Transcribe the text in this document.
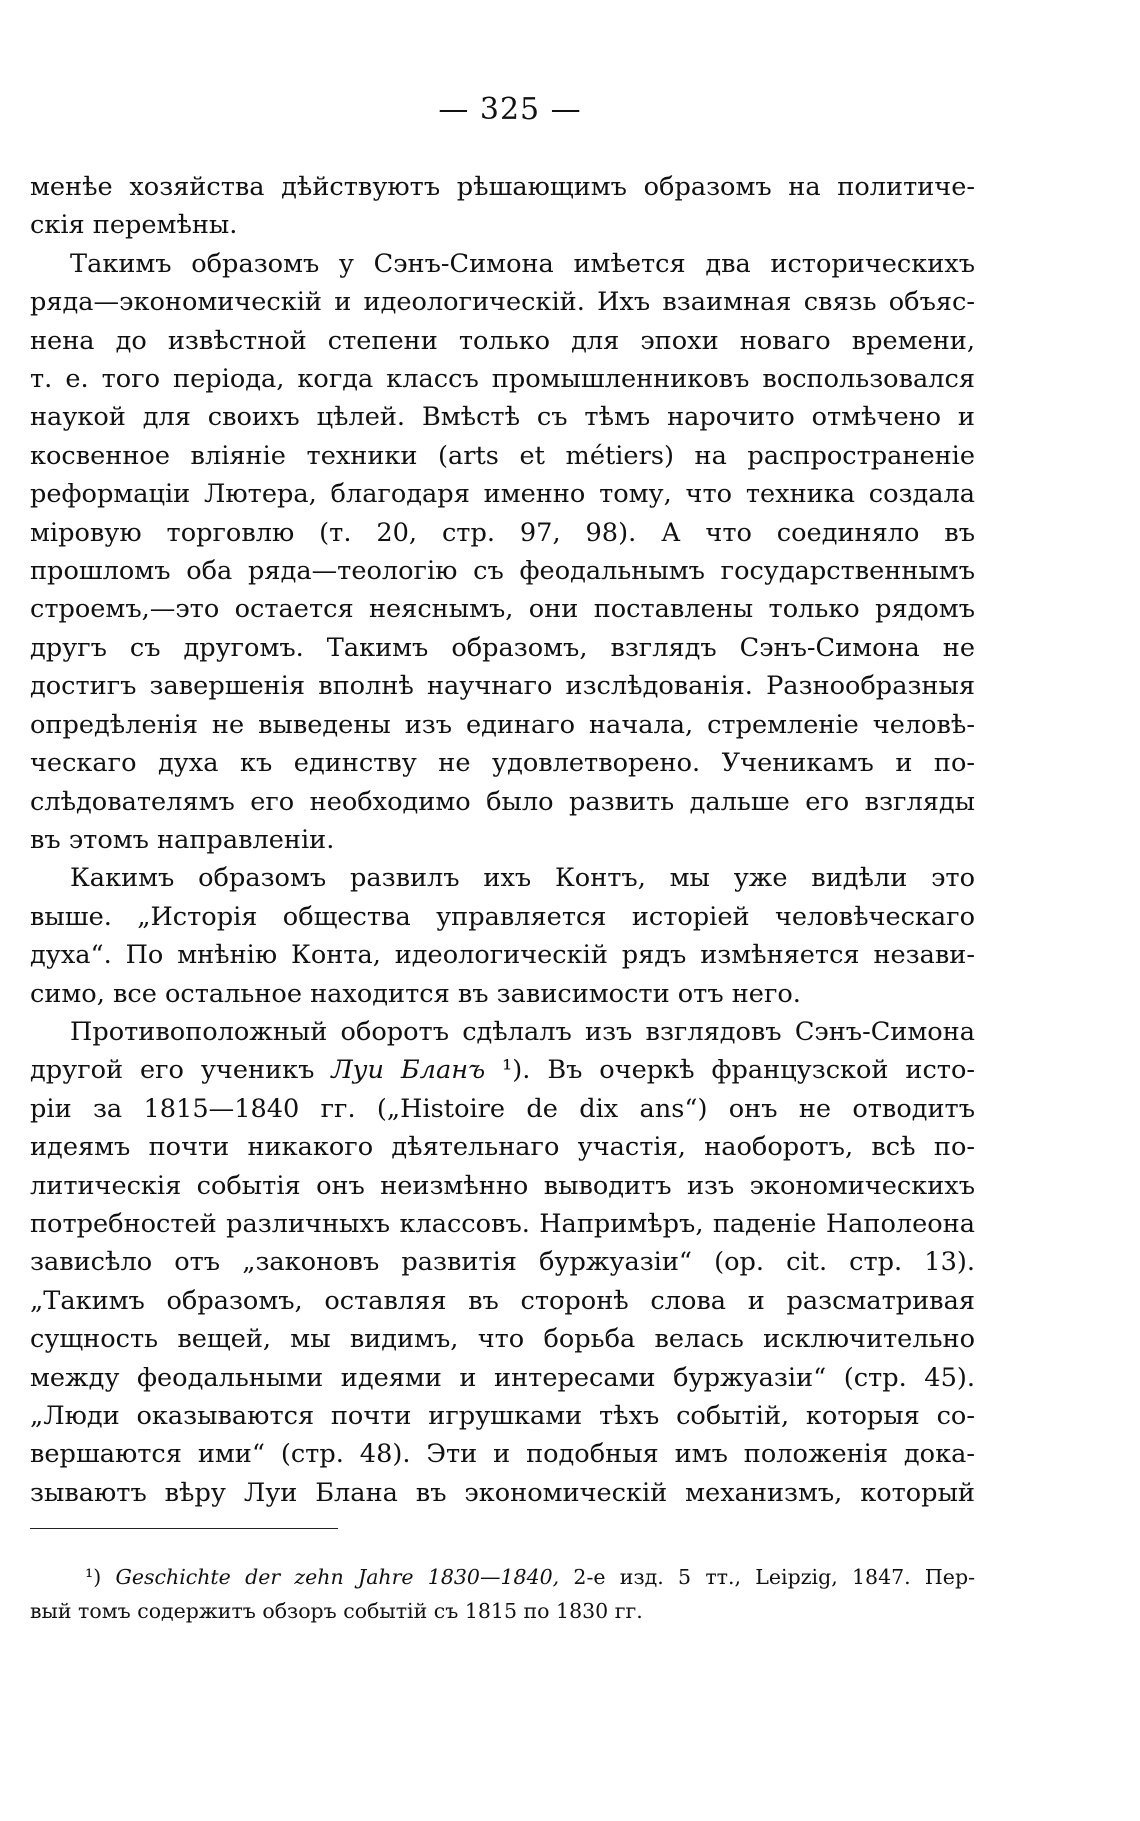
— 325 —
менѣе хозяйства дѣйствуютъ рѣшающимъ образомъ на политиче-
скія перемѣны.
Такимъ образомъ у Сэнъ-Симона имѣется два историческихъ
ряда—экономическій и идеологическій. Ихъ взаимная связь объяс-
нена до извѣстной степени только для эпохи новаго времени,
т. е. того періода, когда классъ промышленниковъ воспользовался
наукой для своихъ цѣлей. Вмѣстѣ съ тѣмъ нарочито отмѣчено и
косвенное вліяніе техники (arts et métiers) на распространеніе
реформаціи Лютера, благодаря именно тому, что техника создала
міровую торговлю (т. 20, стр. 97, 98). А что соединяло въ
прошломъ оба ряда—теологію съ феодальнымъ государственнымъ
строемъ,—это остается неяснымъ, они поставлены только рядомъ
другъ съ другомъ. Такимъ образомъ, взглядъ Сэнъ-Симона не
достигъ завершенія вполнѣ научнаго изслѣдованія. Разнообразныя
опредѣленія не выведены изъ единаго начала, стремленіе человѣ-
ческаго духа къ единству не удовлетворено. Ученикамъ и по-
слѣдователямъ его необходимо было развить дальше его взгляды
въ этомъ направленіи.
Какимъ образомъ развилъ ихъ Контъ, мы уже видѣли это
выше. „Исторія общества управляется исторіей человѣческаго
духа“. По мнѣнію Конта, идеологическій рядъ измѣняется незави-
симо, все остальное находится въ зависимости отъ него.
Противоположный оборотъ сдѣлалъ изъ взглядовъ Сэнъ-Симона
другой его ученикъ Луи Бланъ ¹). Въ очеркѣ французской исто-
ріи за 1815—1840 гг. („Histoire de dix ans“) онъ не отводитъ
идеямъ почти никакого дѣятельнаго участія, наоборотъ, всѣ по-
литическія событія онъ неизмѣнно выводитъ изъ экономическихъ
потребностей различныхъ классовъ. Напримѣръ, паденіе Наполеона
зависѣло отъ „законовъ развитія буржуазіи“ (op. cit. стр. 13).
„Такимъ образомъ, оставляя въ сторонѣ слова и разсматривая
сущность вещей, мы видимъ, что борьба велась исключительно
между феодальными идеями и интересами буржуазіи“ (стр. 45).
„Люди оказываются почти игрушками тѣхъ событій, которыя со-
вершаются ими“ (стр. 48). Эти и подобныя имъ положенія дока-
зываютъ вѣру Луи Блана въ экономическій механизмъ, который
¹) Geschichte der zehn Jahre 1830—1840, 2-е изд. 5 тт., Leipzig, 1847. Пер-
вый томъ содержитъ обзоръ событій съ 1815 по 1830 гг.
